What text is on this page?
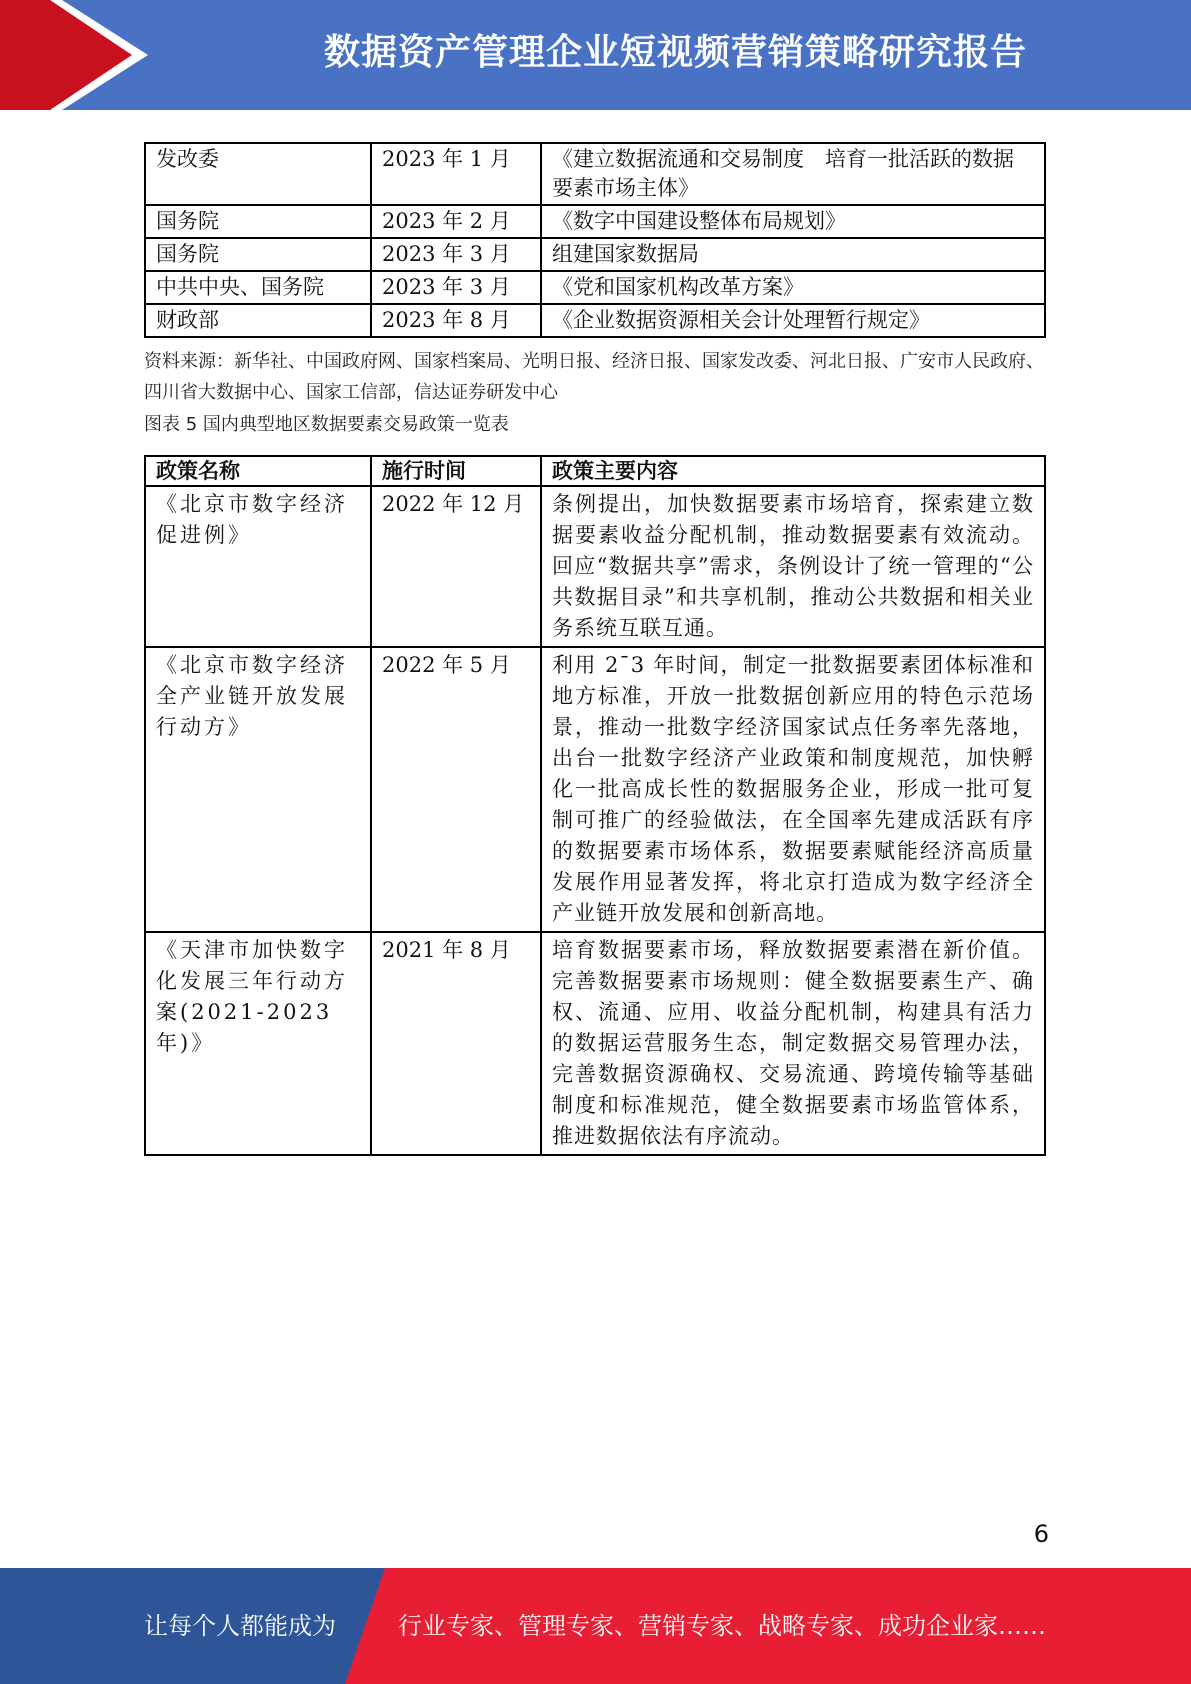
数据资产管理企业短视频营销策略研究报告
发改委	2023 年 1 月	《建立数据流通和交易制度　培育一批活跃的数据要素市场主体》
国务院	2023 年 2 月	《数字中国建设整体布局规划》
国务院	2023 年 3 月	组建国家数据局
中共中央、国务院	2023 年 3 月	《党和国家机构改革方案》
财政部	2023 年 8 月	《企业数据资源相关会计处理暂行规定》
资料来源：新华社、中国政府网、国家档案局、光明日报、经济日报、国家发改委、河北日报、广安市人民政府、四川省大数据中心、国家工信部，信达证券研发中心
图表 5 国内典型地区数据要素交易政策一览表
政策名称	施行时间	政策主要内容
《北京市数字经济促进例》	2022 年 12 月	条例提出，加快数据要素市场培育，探索建立数据要素收益分配机制，推动数据要素有效流动。回应“数据共享”需求，条例设计了统一管理的“公共数据目录”和共享机制，推动公共数据和相关业务系统互联互通。
《北京市数字经济全产业链开放发展行动方》	2022 年 5 月	利用 2¯3 年时间，制定一批数据要素团体标准和地方标准，开放一批数据创新应用的特色示范场景，推动一批数字经济国家试点任务率先落地，出台一批数字经济产业政策和制度规范，加快孵化一批高成长性的数据服务企业，形成一批可复制可推广的经验做法，在全国率先建成活跃有序的数据要素市场体系，数据要素赋能经济高质量发展作用显著发挥，将北京打造成为数字经济全产业链开放发展和创新高地。
《天津市加快数字化发展三年行动方案(2021-2023 年)》	2021 年 8 月	培育数据要素市场，释放数据要素潜在新价值。完善数据要素市场规则：健全数据要素生产、确权、流通、应用、收益分配机制，构建具有活力的数据运营服务生态，制定数据交易管理办法，完善数据资源确权、交易流通、跨境传输等基础制度和标准规范，健全数据要素市场监管体系，推进数据依法有序流动。
6
让每个人都能成为	行业专家、管理专家、营销专家、战略专家、成功企业家……
